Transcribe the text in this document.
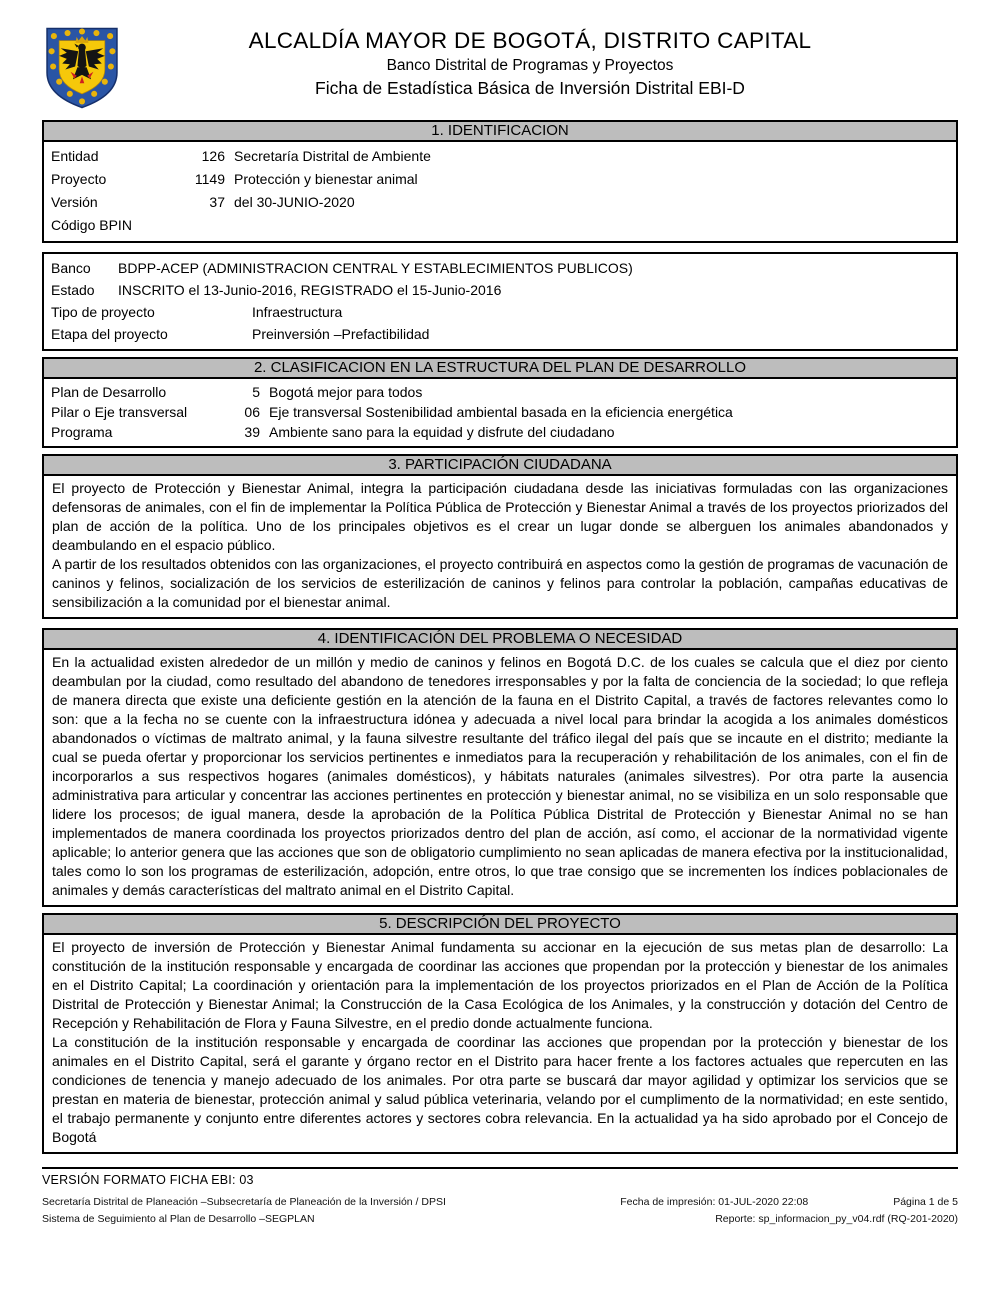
ALCALDÍA MAYOR DE BOGOTÁ, DISTRITO CAPITAL
Banco Distrital de Programas y Proyectos
Ficha de Estadística Básica de Inversión Distrital EBI-D
1. IDENTIFICACION
Entidad	126 Secretaría Distrital de Ambiente
Proyecto	1149 Protección y bienestar animal
Versión	37 del 30-JUNIO-2020
Código BPIN
Banco	BDPP-ACEP (ADMINISTRACION CENTRAL Y ESTABLECIMIENTOS PUBLICOS)
Estado	INSCRITO el 13-Junio-2016, REGISTRADO el 15-Junio-2016
Tipo de proyecto	Infraestructura
Etapa del proyecto	Preinversión –Prefactibilidad
2. CLASIFICACION EN LA ESTRUCTURA DEL PLAN DE DESARROLLO
Plan de Desarrollo	5 Bogotá mejor para todos
Pilar o Eje transversal	06 Eje transversal Sostenibilidad ambiental basada en la eficiencia energética
Programa	39 Ambiente sano para la equidad y disfrute del ciudadano
3. PARTICIPACIÓN CIUDADANA

El proyecto de Protección y Bienestar Animal, integra la participación ciudadana desde las iniciativas formuladas con las organizaciones defensoras de animales, con el fin de implementar la Política Pública de Protección y Bienestar Animal a través de los proyectos priorizados del plan de acción de la política. Uno de los principales objetivos es el crear un lugar donde se alberguen los animales abandonados y deambulando en el espacio público.

A partir de los resultados obtenidos con las organizaciones, el proyecto contribuirá en aspectos como la gestión de programas de vacunación de caninos y felinos, socialización de los servicios de esterilización de caninos y felinos para controlar la población, campañas educativas de sensibilización a la comunidad por el bienestar animal.

4. IDENTIFICACIÓN DEL PROBLEMA O NECESIDAD

En la actualidad existen alrededor de un millón y medio de caninos y felinos en Bogotá D.C. de los cuales se calcula que el diez por ciento deambulan por la ciudad, como resultado del abandono de tenedores irresponsables y por la falta de conciencia de la sociedad; lo que refleja de manera directa que existe una deficiente gestión en la atención de la fauna en el Distrito Capital, a través de factores relevantes como lo son: que a la fecha no se cuente con la infraestructura idónea y adecuada a nivel local para brindar la acogida a los animales domésticos abandonados o víctimas de maltrato animal, y la fauna silvestre resultante del tráfico ilegal del país que se incaute en el distrito; mediante la cual se pueda ofertar y proporcionar los servicios pertinentes e inmediatos para la recuperación y rehabilitación de los animales, con el fin de incorporarlos a sus respectivos hogares (animales domésticos), y hábitats naturales (animales silvestres). Por otra parte la ausencia administrativa para articular y concentrar las acciones pertinentes en protección y bienestar animal, no se visibiliza en un solo responsable que lidere los procesos; de igual manera, desde la aprobación de la Política Pública Distrital de Protección y Bienestar Animal no se han implementados de manera coordinada los proyectos priorizados dentro del plan de acción, así como, el accionar de la normatividad vigente aplicable; lo anterior genera que las acciones que son de obligatorio cumplimiento no sean aplicadas de manera efectiva por la institucionalidad, tales como lo son los programas de esterilización, adopción, entre otros, lo que trae consigo que se incrementen los índices poblacionales de animales y demás características del maltrato animal en el Distrito Capital.

5. DESCRIPCIÓN DEL PROYECTO

El proyecto de inversión de Protección y Bienestar Animal fundamenta su accionar en la ejecución de sus metas plan de desarrollo: La constitución de la institución responsable y encargada de coordinar las acciones que propendan por la protección y bienestar de los animales en el Distrito Capital; La coordinación y orientación para la implementación de los proyectos priorizados en el Plan de Acción de la Política Distrital de Protección y Bienestar Animal; la Construcción de la Casa Ecológica de los Animales, y la construcción y dotación del Centro de Recepción y Rehabilitación de Flora y Fauna Silvestre, en el predio donde actualmente funciona.

La constitución de la institución responsable y encargada de coordinar las acciones que propendan por la protección y bienestar de los animales en el Distrito Capital, será el garante y órgano rector en el Distrito para hacer frente a los factores actuales que repercuten en las condiciones de tenencia y manejo adecuado de los animales. Por otra parte se buscará dar mayor agilidad y optimizar los servicios que se prestan en materia de bienestar, protección animal y salud pública veterinaria, velando por el cumplimento de la normatividad; en este sentido, el trabajo permanente y conjunto entre diferentes actores y sectores cobra relevancia. En la actualidad ya ha sido aprobado por el Concejo de Bogotá

VERSIÓN FORMATO FICHA EBI: 03
Secretaría Distrital de Planeación –Subsecretaría de Planeación de la Inversión / DPSI	Fecha de impresión: 01-JUL-2020 22:08	Página 1 de 5
Sistema de Seguimiento al Plan de Desarrollo –SEGPLAN	Reporte: sp_informacion_py_v04.rdf (RQ-201-2020)
